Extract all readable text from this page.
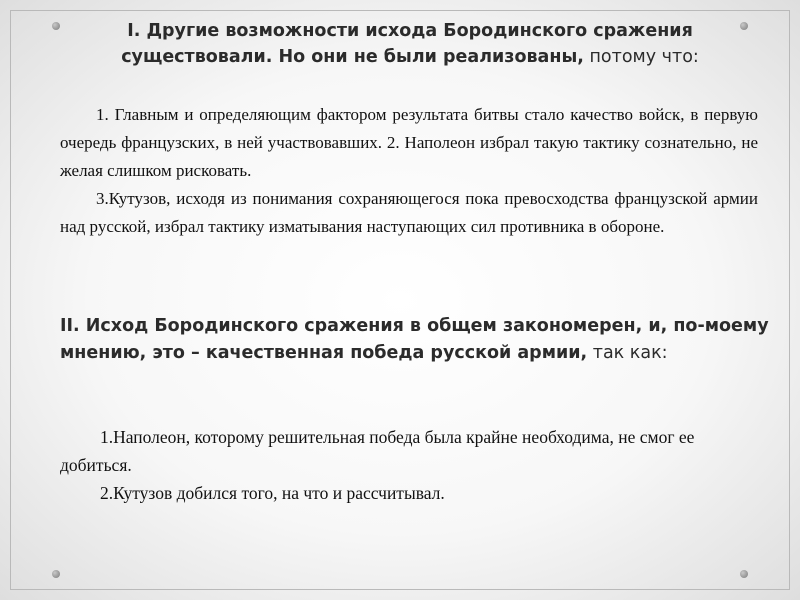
I. Другие возможности исхода Бородинского сражения существовали. Но они не были реализованы, потому что:

1. Главным и определяющим фактором результата битвы стало качество войск, в первую очередь французских, в ней участвовавших. 2. Наполеон избрал такую тактику сознательно, не желая слишком рисковать.

3.Кутузов, исходя из понимания сохраняющегося пока превосходства французской армии над русской, избрал тактику изматывания наступающих сил противника в обороне.

II. Исход Бородинского сражения в общем закономерен, и, по-моему мнению, это – качественная победа русской армии, так как:

1.Наполеон, которому решительная победа была крайне необходима, не смог ее добиться.

2.Кутузов добился того, на что и рассчитывал.
